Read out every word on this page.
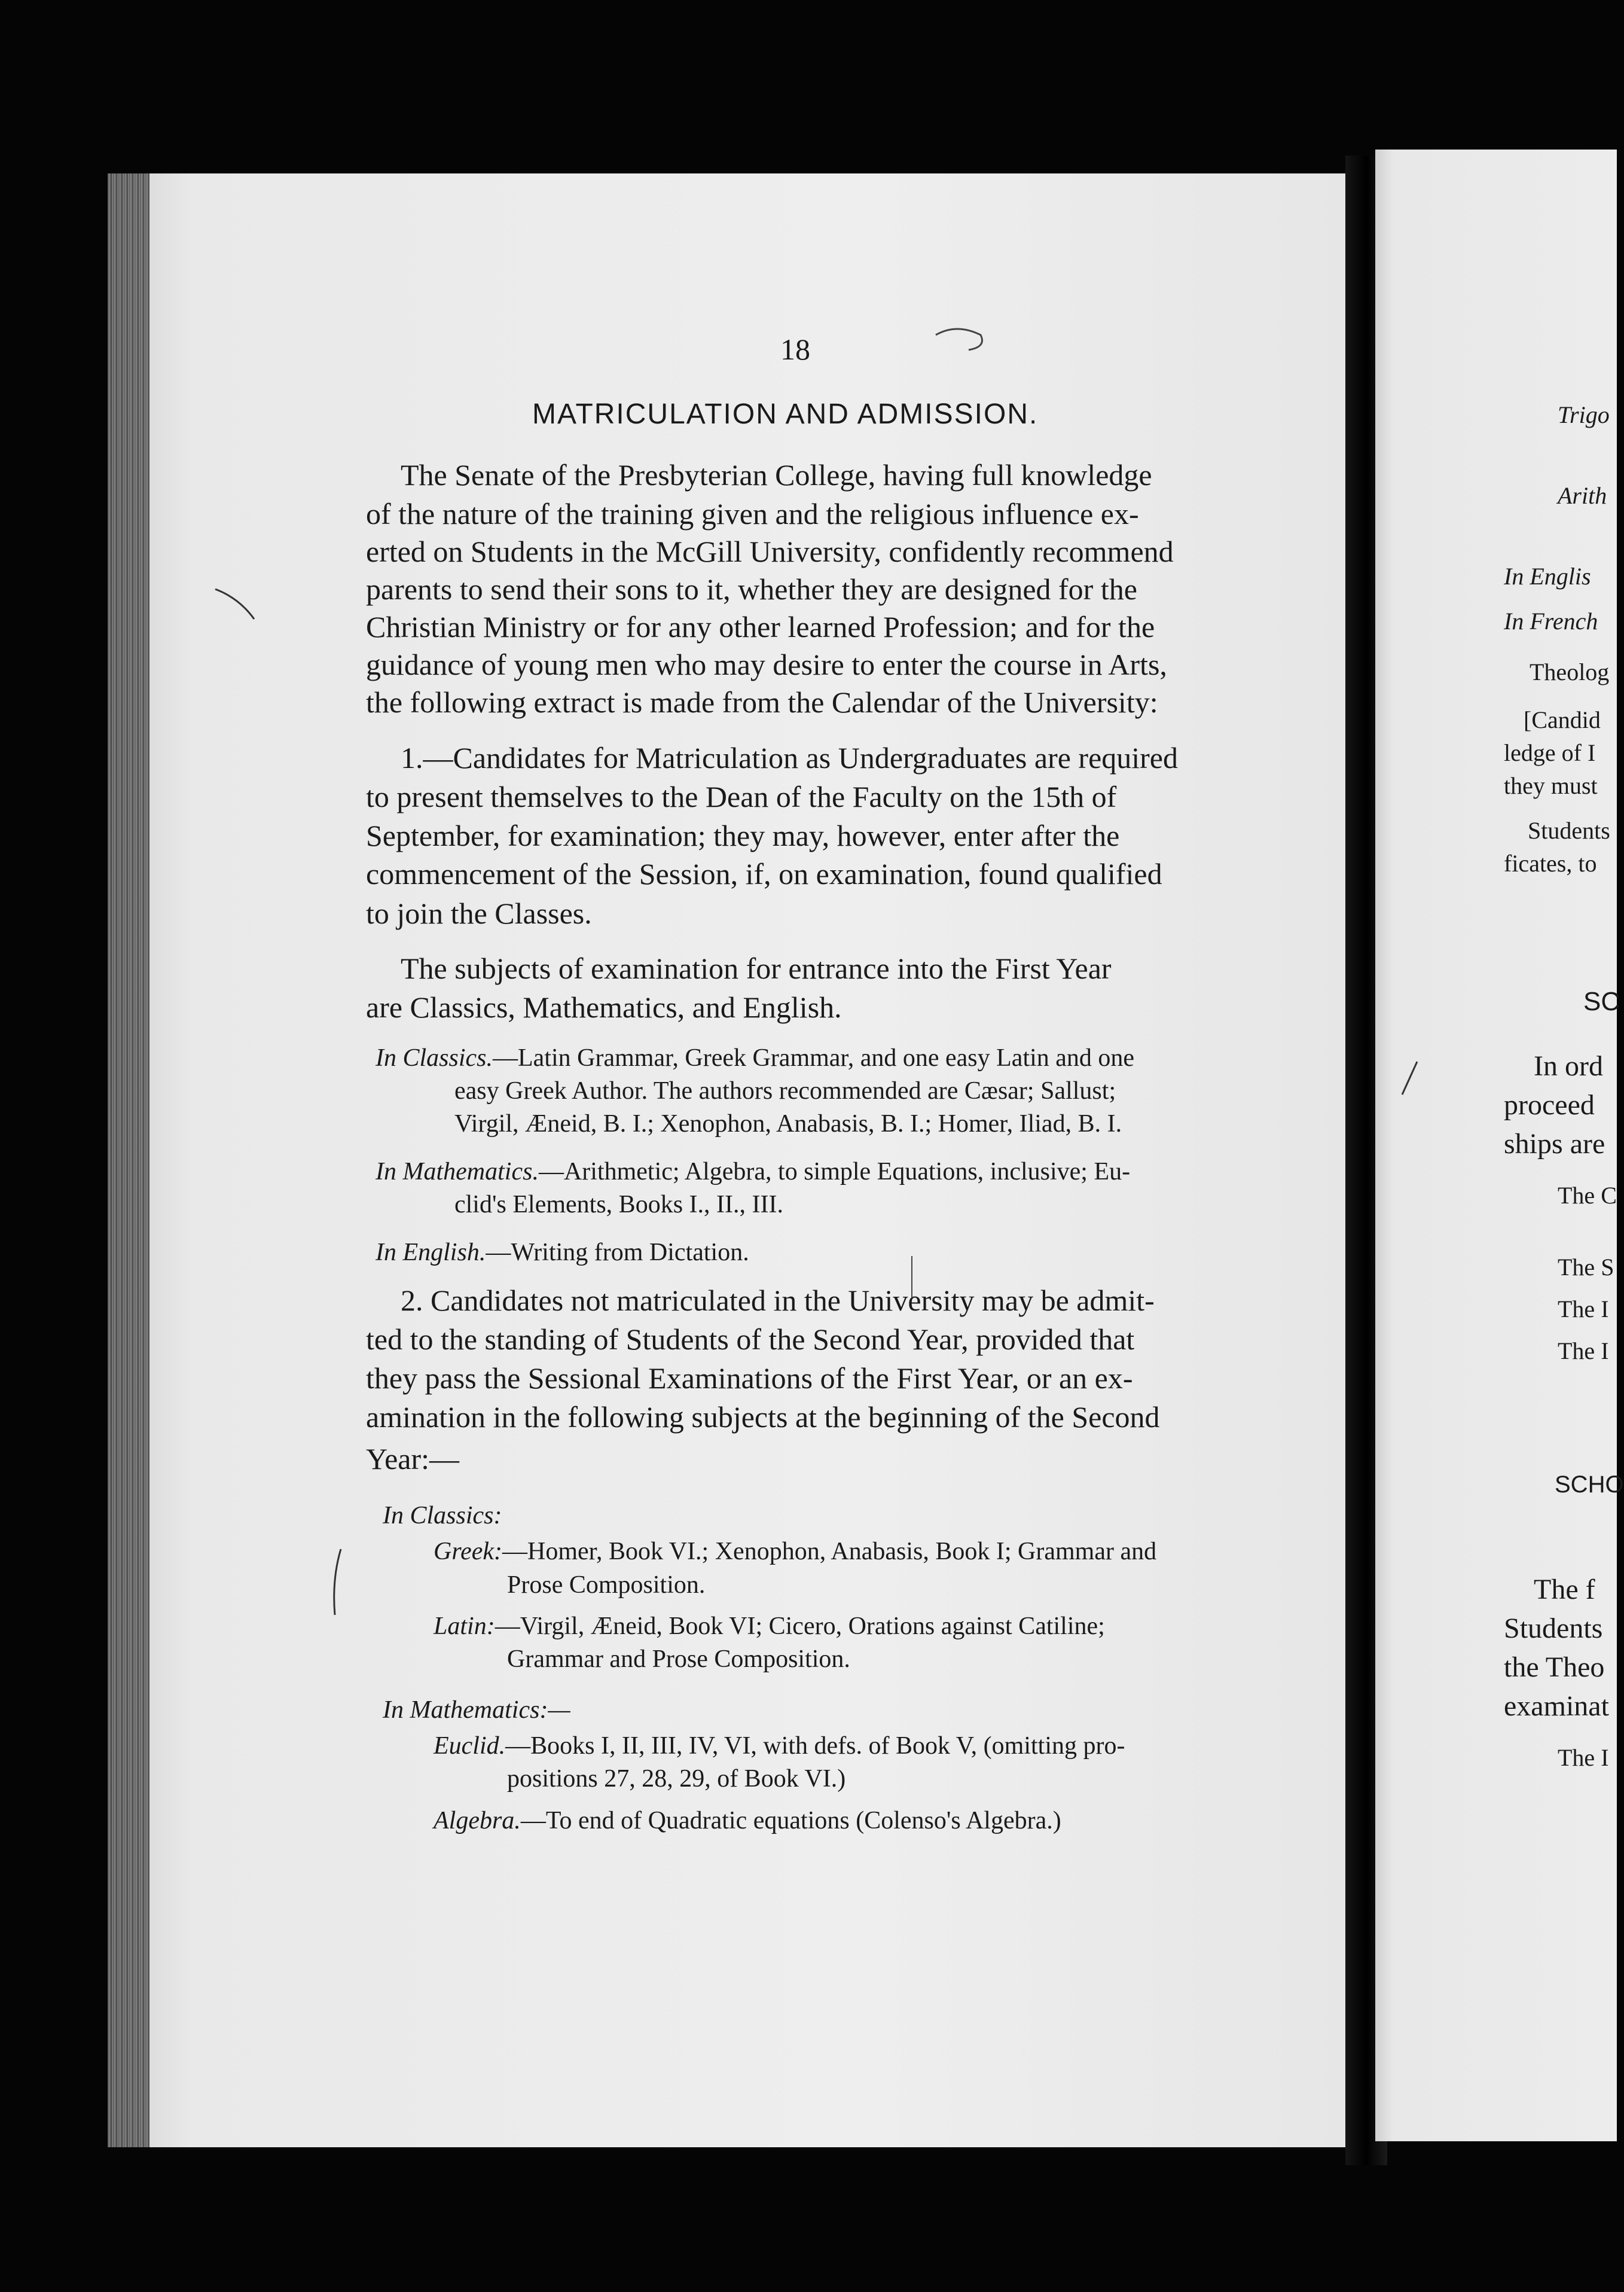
18
MATRICULATION AND ADMISSION.
The Senate of the Presbyterian College, having full knowledge
of the nature of the training given and the religious influence ex-
erted on Students in the McGill University, confidently recommend
parents to send their sons to it, whether they are designed for the
Christian Ministry or for any other learned Profession; and for the
guidance of young men who may desire to enter the course in Arts,
the following extract is made from the Calendar of the University:
1.—Candidates for Matriculation as Undergraduates are required
to present themselves to the Dean of the Faculty on the 15th of
September, for examination; they may, however, enter after the
commencement of the Session, if, on examination, found qualified
to join the Classes.
The subjects of examination for entrance into the First Year
are Classics, Mathematics, and English.
In Classics.—Latin Grammar, Greek Grammar, and one easy Latin and one
easy Greek Author. The authors recommended are Cæsar; Sallust;
Virgil, Æneid, B. I.; Xenophon, Anabasis, B. I.; Homer, Iliad, B. I.
In Mathematics.—Arithmetic; Algebra, to simple Equations, inclusive; Eu-
clid's Elements, Books I., II., III.
In English.—Writing from Dictation.
2. Candidates not matriculated in the University may be admit-
ted to the standing of Students of the Second Year, provided that
they pass the Sessional Examinations of the First Year, or an ex-
amination in the following subjects at the beginning of the Second
Year:—
In Classics:
Greek:—Homer, Book VI.; Xenophon, Anabasis, Book I; Grammar and
Prose Composition.
Latin:—Virgil, Æneid, Book VI; Cicero, Orations against Catiline;
Grammar and Prose Composition.
In Mathematics:—
Euclid.—Books I, II, III, IV, VI, with defs. of Book V, (omitting pro-
positions 27, 28, 29, of Book VI.)
Algebra.—To end of Quadratic equations (Colenso's Algebra.)
Trigo
Arith
In Englis
In French
Theolog
[Candid
ledge of I
they must
Students
ficates, to
SC
In ord
proceed
ships are
The C
The S
The I
The I
SCHO
The f
Students
the Theo
examinat
The I
